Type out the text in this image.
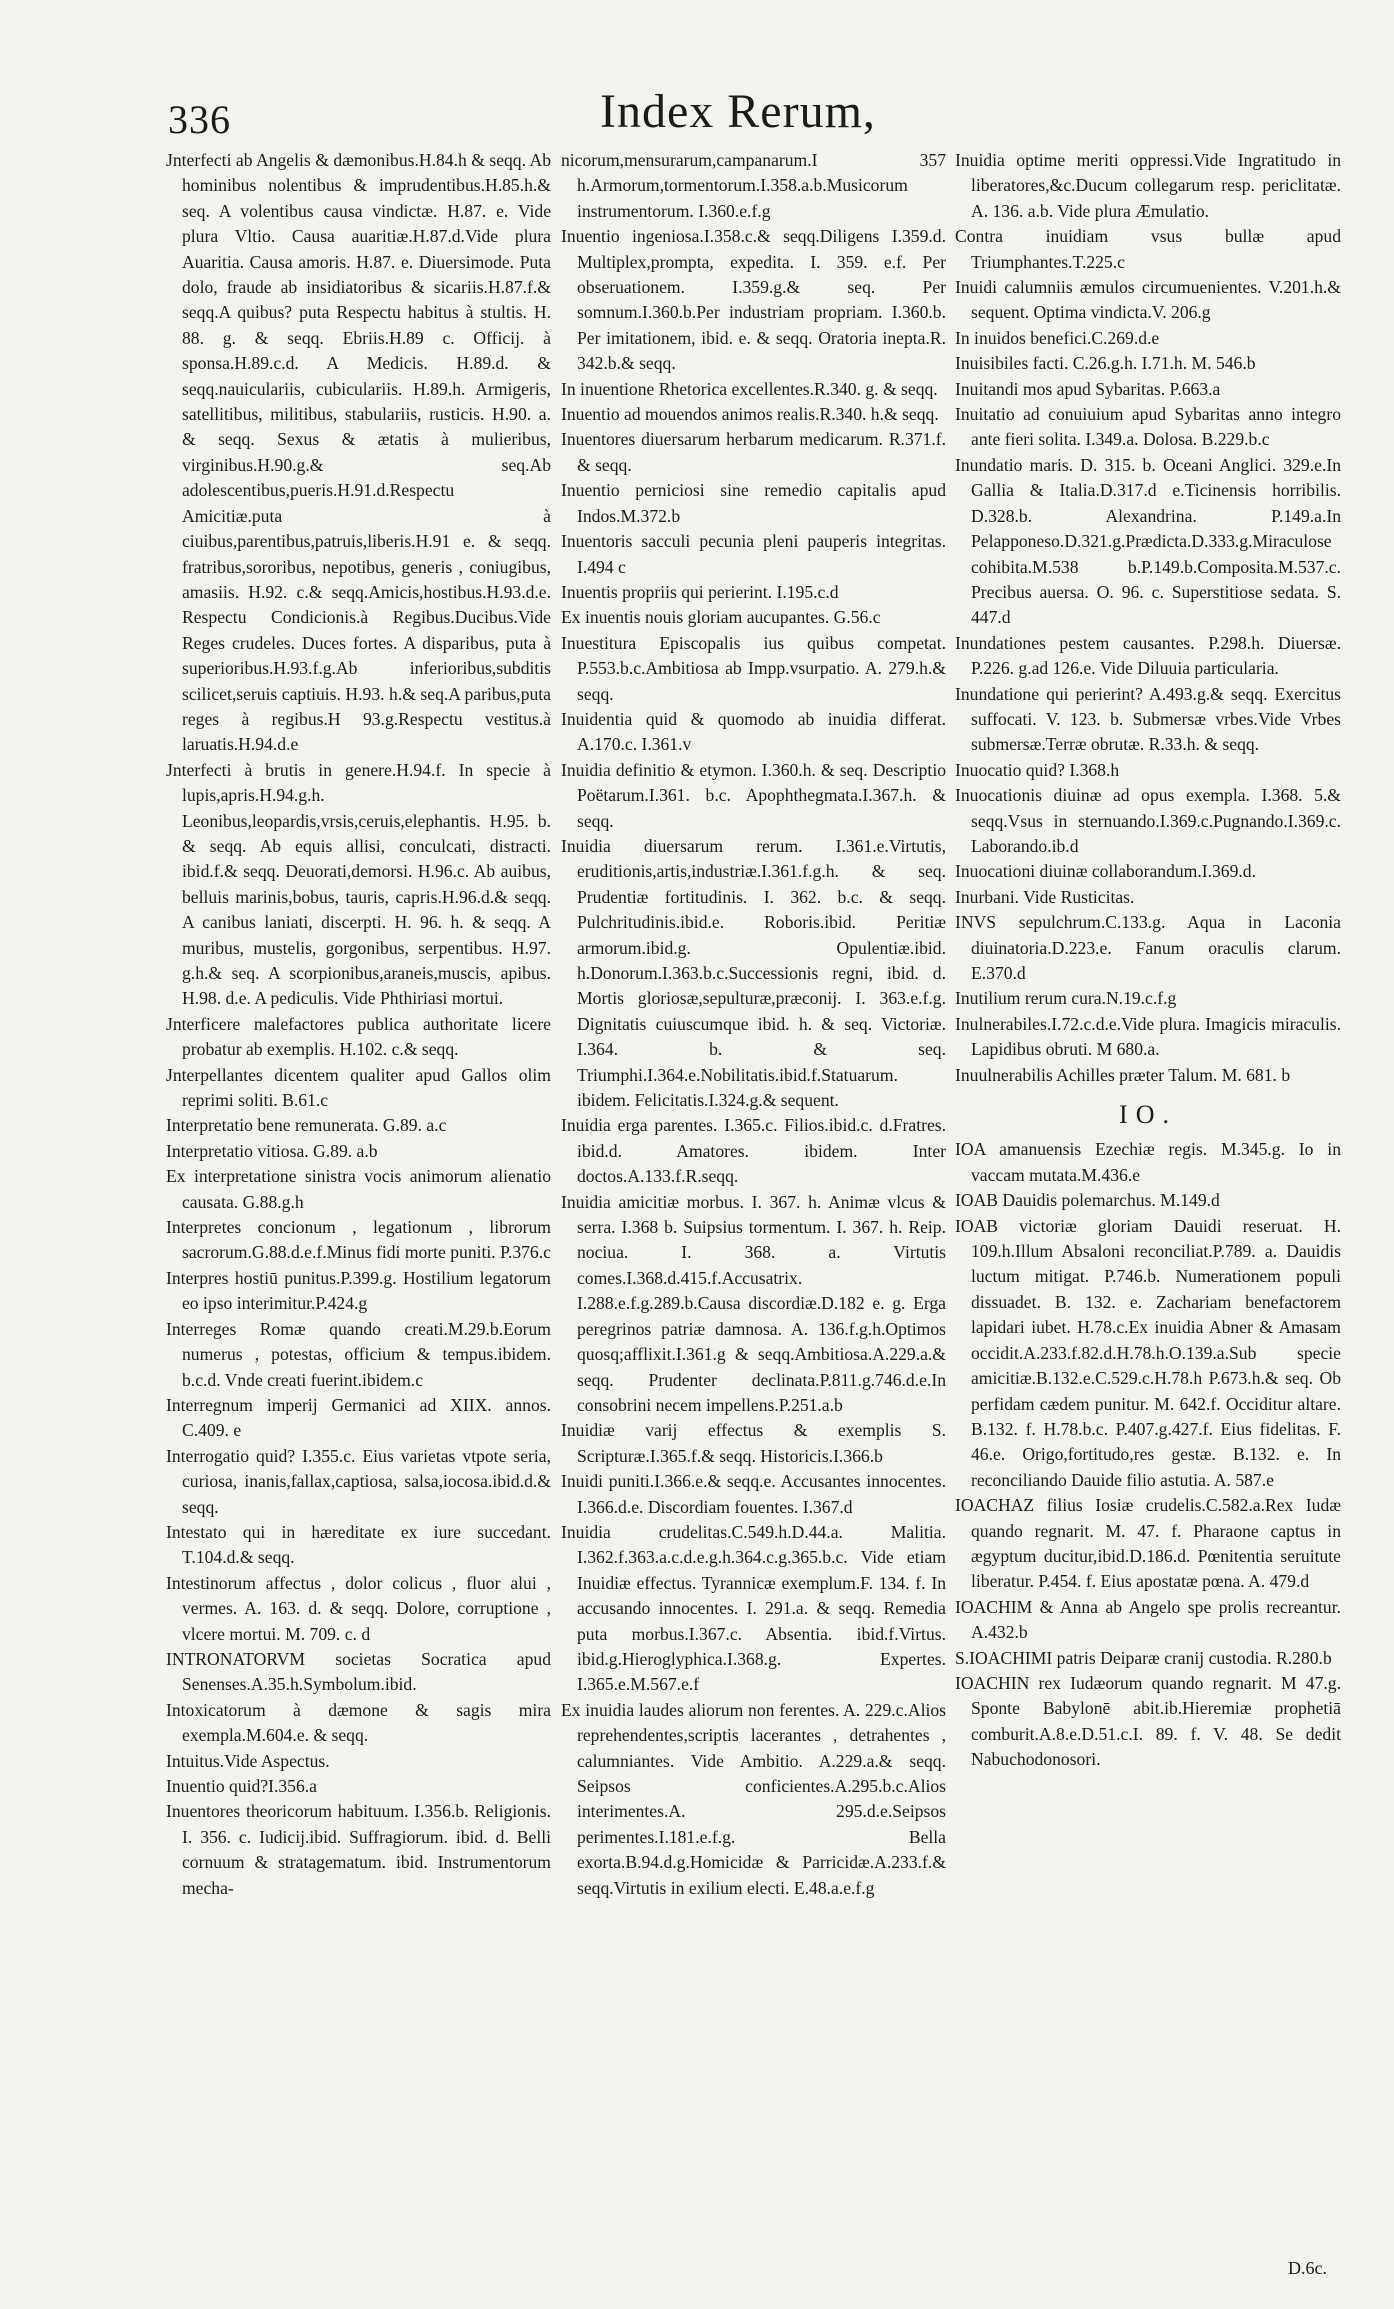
336	Index Rerum,

Jnterfecti ab Angelis & dæmonibus.H.84.h & seqq. Ab hominibus nolentibus & imprudentibus.H.85.h.& seq. A volentibus causa vindictæ. H.87. e. Vide plura Vltio. Causa auaritiæ.H.87.d.Vide plura Auaritia. Causa amoris. H.87. e. Diuersimode. Puta dolo, fraude ab insidiatoribus & sicariis.H.87.f.& seqq.A quibus? puta Respectu habitus à stultis. H. 88. g. & seqq. Ebriis.H.89 c. Officij. à sponsa.H.89.c.d. A Medicis. H.89.d. & seqq.nauiculariis, cubiculariis. H.89.h. Armigeris, satellitibus, militibus, stabulariis, rusticis. H.90. a. & seqq. Sexus & ætatis à mulieribus, virginibus.H.90.g.& seq.Ab adolescentibus,pueris.H.91.d.Respectu Amicitiæ.puta à ciuibus,parentibus,patruis,liberis.H.91 e. & seqq. fratribus,sororibus, nepotibus, generis , coniugibus, amasiis. H.92. c.& seqq.Amicis,hostibus.H.93.d.e. Respectu Condicionis.à Regibus.Ducibus.Vide Reges crudeles. Duces fortes. A disparibus, puta à superioribus.H.93.f.g.Ab inferioribus,subditis scilicet,seruis captiuis. H.93. h.& seq.A paribus,puta reges à regibus.H 93.g.Respectu vestitus.à laruatis.H.94.d.e

Jnterfecti à brutis in genere.H.94.f. In specie à lupis,apris.H.94.g.h. Leonibus,leopardis,vrsis,ceruis,elephantis. H.95. b. & seqq. Ab equis allisi, conculcati, distracti. ibid.f.& seqq. Deuorati,demorsi. H.96.c. Ab auibus, belluis marinis,bobus, tauris, capris.H.96.d.& seqq. A canibus laniati, discerpti. H. 96. h. & seqq. A muribus, mustelis, gorgonibus, serpentibus. H.97. g.h.& seq. A scorpionibus,araneis,muscis, apibus. H.98. d.e. A pediculis. Vide Phthiriasi mortui.

Jnterficere malefactores publica authoritate licere probatur ab exemplis. H.102. c.& seqq.

Jnterpellantes dicentem qualiter apud Gallos olim reprimi soliti. B.61.c

Interpretatio bene remunerata. G.89. a.c

Interpretatio vitiosa. G.89. a.b

Ex interpretatione sinistra vocis animorum alienatio causata. G.88.g.h

Interpretes concionum , legationum , librorum sacrorum.G.88.d.e.f.Minus fidi morte puniti. P.376.c

Interpres hostiū punitus.P.399.g. Hostilium legatorum eo ipso interimitur.P.424.g

Interreges Romæ quando creati.M.29.b.Eorum numerus , potestas, officium & tempus.ibidem. b.c.d. Vnde creati fuerint.ibidem.c

Interregnum imperij Germanici ad XIIX. annos. C.409. e

Interrogatio quid? I.355.c. Eius varietas vtpote seria, curiosa, inanis,fallax,captiosa, salsa,iocosa.ibid.d.& seqq.

Intestato qui in hæreditate ex iure succedant. T.104.d.& seqq.

Intestinorum affectus , dolor colicus , fluor alui , vermes. A. 163. d. & seqq. Dolore, corruptione , vlcere mortui. M. 709. c. d

INTRONATORVM societas Socratica apud Senenses.A.35.h.Symbolum.ibid.

Intoxicatorum à dæmone & sagis mira exempla.M.604.e. & seqq.

Intuitus.Vide Aspectus.

Inuentio quid?I.356.a

Inuentores theoricorum habituum. I.356.b. Religionis. I. 356. c. Iudicij.ibid. Suffragiorum. ibid. d. Belli cornuum & stratagematum. ibid. Instrumentorum mecha-

nicorum,mensurarum,campanarum.I 357 h.Armorum,tormentorum.I.358.a.b.Musicorum instrumentorum. I.360.e.f.g

Inuentio ingeniosa.I.358.c.& seqq.Diligens I.359.d. Multiplex,prompta, expedita. I. 359. e.f. Per obseruationem. I.359.g.& seq. Per somnum.I.360.b.Per industriam propriam. I.360.b. Per imitationem, ibid. e. & seqq. Oratoria inepta.R. 342.b.& seqq.

In inuentione Rhetorica excellentes.R.340. g. & seqq.

Inuentio ad mouendos animos realis.R.340. h.& seqq.

Inuentores diuersarum herbarum medicarum. R.371.f. & seqq.

Inuentio perniciosi sine remedio capitalis apud Indos.M.372.b

Inuentoris sacculi pecunia pleni pauperis integritas. I.494 c

Inuentis propriis qui perierint. I.195.c.d

Ex inuentis nouis gloriam aucupantes. G.56.c

Inuestitura Episcopalis ius quibus competat. P.553.b.c.Ambitiosa ab Impp.vsurpatio. A. 279.h.& seqq.

Inuidentia quid & quomodo ab inuidia differat. A.170.c. I.361.v

Inuidia definitio & etymon. I.360.h. & seq. Descriptio Poëtarum.I.361. b.c. Apophthegmata.I.367.h. & seqq.

Inuidia diuersarum rerum. I.361.e.Virtutis, eruditionis,artis,industriæ.I.361.f.g.h. & seq. Prudentiæ fortitudinis. I. 362. b.c. & seqq. Pulchritudinis.ibid.e. Roboris.ibid. Peritiæ armorum.ibid.g. Opulentiæ.ibid. h.Donorum.I.363.b.c.Successionis regni, ibid. d. Mortis gloriosæ,sepulturæ,præconij. I. 363.e.f.g. Dignitatis cuiuscumque ibid. h. & seq. Victoriæ. I.364. b. & seq. Triumphi.I.364.e.Nobilitatis.ibid.f.Statuarum. ibidem. Felicitatis.I.324.g.& sequent.

Inuidia erga parentes. I.365.c. Filios.ibid.c. d.Fratres. ibid.d. Amatores. ibidem. Inter doctos.A.133.f.R.seqq.

Inuidia amicitiæ morbus. I. 367. h. Animæ vlcus & serra. I.368 b. Suipsius tormentum. I. 367. h. Reip. nociua. I. 368. a. Virtutis comes.I.368.d.415.f.Accusatrix. I.288.e.f.g.289.b.Causa discordiæ.D.182 e. g. Erga peregrinos patriæ damnosa. A. 136.f.g.h.Optimos quosq;afflixit.I.361.g & seqq.Ambitiosa.A.229.a.& seqq. Prudenter declinata.P.811.g.746.d.e.In consobrini necem impellens.P.251.a.b

Inuidiæ varij effectus & exemplis S. Scripturæ.I.365.f.& seqq. Historicis.I.366.b

Inuidi puniti.I.366.e.& seqq.e. Accusantes innocentes. I.366.d.e. Discordiam fouentes. I.367.d

Inuidia crudelitas.C.549.h.D.44.a. Malitia. I.362.f.363.a.c.d.e.g.h.364.c.g.365.b.c. Vide etiam Inuidiæ effectus. Tyrannicæ exemplum.F. 134. f. In accusando innocentes. I. 291.a. & seqq. Remedia puta morbus.I.367.c. Absentia. ibid.f.Virtus. ibid.g.Hieroglyphica.I.368.g. Expertes. I.365.e.M.567.e.f

Ex inuidia laudes aliorum non ferentes. A. 229.c.Alios reprehendentes,scriptis lacerantes , detrahentes , calumniantes. Vide Ambitio. A.229.a.& seqq. Seipsos conficientes.A.295.b.c.Alios interimentes.A. 295.d.e.Seipsos perimentes.I.181.e.f.g. Bella exorta.B.94.d.g.Homicidæ & Parricidæ.A.233.f.& seqq.Virtutis in exilium electi. E.48.a.e.f.g

Inuidia optime meriti oppressi.Vide Ingratitudo in liberatores,&c.Ducum collegarum resp. periclitatæ. A. 136. a.b. Vide plura Æmulatio.

Contra inuidiam vsus bullæ apud Triumphantes.T.225.c

Inuidi calumniis æmulos circumuenientes. V.201.h.& sequent. Optima vindicta.V. 206.g

In inuidos benefici.C.269.d.e

Inuisibiles facti. C.26.g.h. I.71.h. M. 546.b

Inuitandi mos apud Sybaritas. P.663.a

Inuitatio ad conuiuium apud Sybaritas anno integro ante fieri solita. I.349.a. Dolosa. B.229.b.c

Inundatio maris. D. 315. b. Oceani Anglici. 329.e.In Gallia & Italia.D.317.d e.Ticinensis horribilis. D.328.b. Alexandrina. P.149.a.In Pelapponeso.D.321.g.Prædicta.D.333.g.Miraculose cohibita.M.538 b.P.149.b.Composita.M.537.c. Precibus auersa. O. 96. c. Superstitiose sedata. S. 447.d

Inundationes pestem causantes. P.298.h. Diuersæ. P.226. g.ad 126.e. Vide Diluuia particularia.

Inundatione qui perierint? A.493.g.& seqq. Exercitus suffocati. V. 123. b. Submersæ vrbes.Vide Vrbes submersæ.Terræ obrutæ. R.33.h. & seqq.

Inuocatio quid? I.368.h

Inuocationis diuinæ ad opus exempla. I.368. 5.& seqq.Vsus in sternuando.I.369.c.Pugnando.I.369.c. Laborando.ib.d

Inuocationi diuinæ collaborandum.I.369.d.

Inurbani. Vide Rusticitas.

INVS sepulchrum.C.133.g. Aqua in Laconia diuinatoria.D.223.e. Fanum oraculis clarum. E.370.d

Inutilium rerum cura.N.19.c.f.g

Inulnerabiles.I.72.c.d.e.Vide plura. Imagicis miraculis. Lapidibus obruti. M 680.a.

Inuulnerabilis Achilles præter Talum. M. 681. b

IO.

IOA amanuensis Ezechiæ regis. M.345.g. Io in vaccam mutata.M.436.e

IOAB Dauidis polemarchus. M.149.d

IOAB victoriæ gloriam Dauidi reseruat. H. 109.h.Illum Absaloni reconciliat.P.789. a. Dauidis luctum mitigat. P.746.b. Numerationem populi dissuadet. B. 132. e. Zachariam benefactorem lapidari iubet. H.78.c.Ex inuidia Abner & Amasam occidit.A.233.f.82.d.H.78.h.O.139.a.Sub specie amicitiæ.B.132.e.C.529.c.H.78.h P.673.h.& seq. Ob perfidam cædem punitur. M. 642.f. Occiditur altare. B.132. f. H.78.b.c. P.407.g.427.f. Eius fidelitas. F. 46.e. Origo,fortitudo,res gestæ. B.132. e. In reconciliando Dauide filio astutia. A. 587.e

IOACHAZ filius Iosiæ crudelis.C.582.a.Rex Iudæ quando regnarit. M. 47. f. Pharaone captus in ægyptum ducitur,ibid.D.186.d. Pœnitentia seruitute liberatur. P.454. f. Eius apostatæ pœna. A. 479.d

IOACHIM & Anna ab Angelo spe prolis recreantur. A.432.b

S.IOACHIMI patris Deiparæ cranij custodia. R.280.b

IOACHIN rex Iudæorum quando regnarit. M 47.g. Sponte Babylonē abit.ib.Hieremiæ prophetiā comburit.A.8.e.D.51.c.I. 89. f. V. 48. Se dedit Nabuchodonosori.

D.6c.
